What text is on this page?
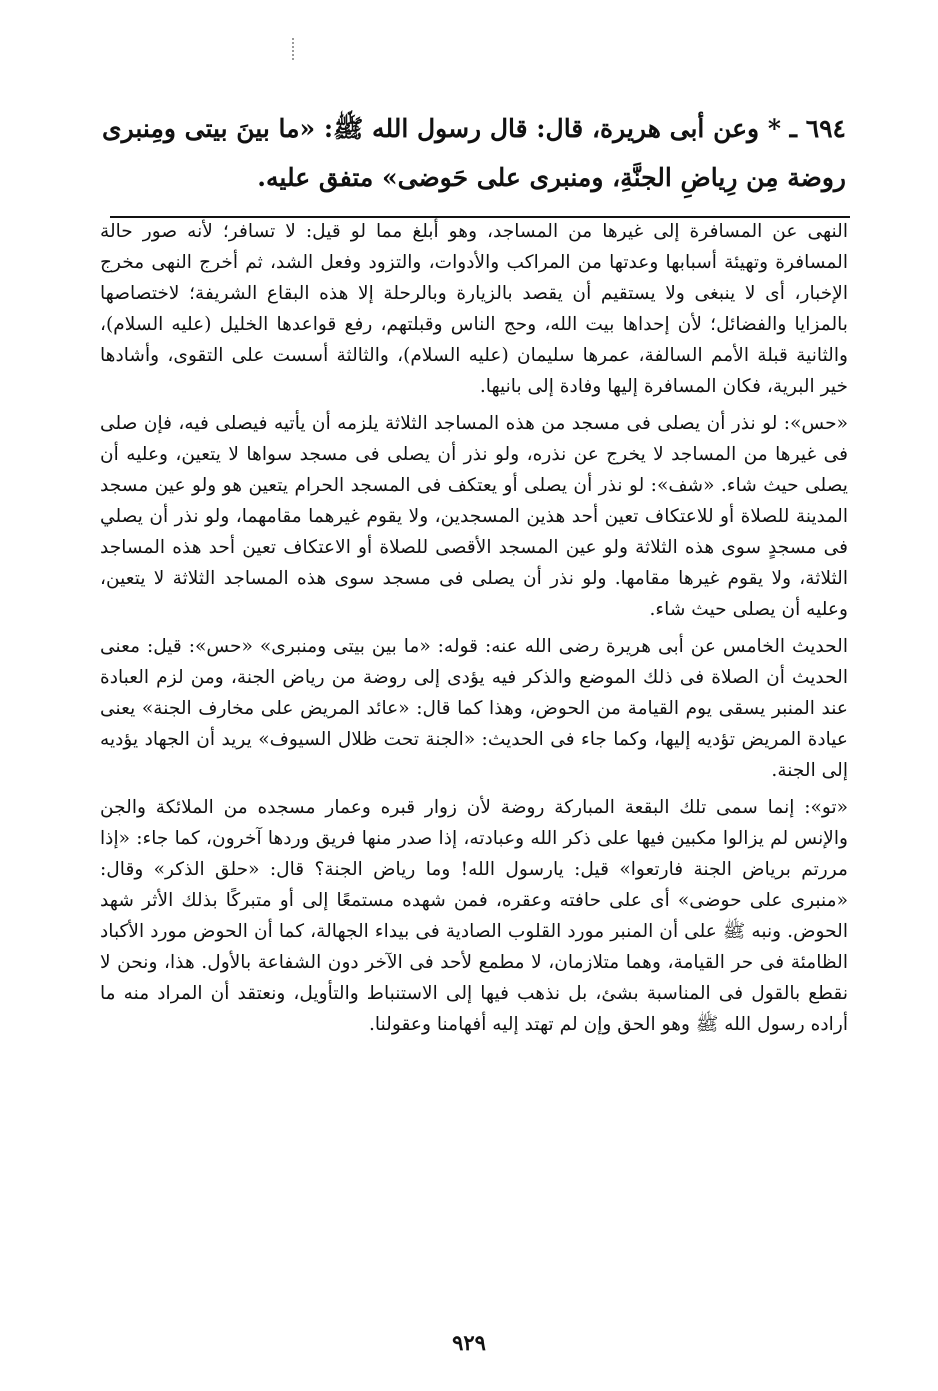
٦٩٤ ـ * وعن أبى هريرة، قال: قال رسول الله ﷺ: «ما بينَ بيتى ومِنبرى روضة مِن رِياضِ الجنَّةِ، ومنبرى على حَوضى» متفق عليه.

النهى عن المسافرة إلى غيرها من المساجد، وهو أبلغ مما لو قيل: لا تسافر؛ لأنه صور حالة المسافرة وتهيئة أسبابها وعدتها من المراكب والأدوات، والتزود وفعل الشد، ثم أخرج النهى مخرج الإخبار، أى لا ينبغى ولا يستقيم أن يقصد بالزيارة وبالرحلة إلا هذه البقاع الشريفة؛ لاختصاصها بالمزايا والفضائل؛ لأن إحداها بيت الله، وحج الناس وقبلتهم، رفع قواعدها الخليل (عليه السلام)، والثانية قبلة الأمم السالفة، عمرها سليمان (عليه السلام)، والثالثة أسست على التقوى، وأشادها خير البرية، فكان المسافرة إليها وفادة إلى بانيها.

«حس»: لو نذر أن يصلى فى مسجد من هذه المساجد الثلاثة يلزمه أن يأتيه فيصلى فيه، فإن صلى فى غيرها من المساجد لا يخرج عن نذره، ولو نذر أن يصلى فى مسجد سواها لا يتعين، وعليه أن يصلى حيث شاء. «شف»: لو نذر أن يصلى أو يعتكف فى المسجد الحرام يتعين هو ولو عين مسجد المدينة للصلاة أو للاعتكاف تعين أحد هذين المسجدين، ولا يقوم غيرهما مقامهما، ولو نذر أن يصلي فى مسجدٍ سوى هذه الثلاثة ولو عين المسجد الأقصى للصلاة أو الاعتكاف تعين أحد هذه المساجد الثلاثة، ولا يقوم غيرها مقامها. ولو نذر أن يصلى فى مسجد سوى هذه المساجد الثلاثة لا يتعين، وعليه أن يصلى حيث شاء.

الحديث الخامس عن أبى هريرة رضى الله عنه: قوله: «ما بين بيتى ومنبرى» «حس»: قيل: معنى الحديث أن الصلاة فى ذلك الموضع والذكر فيه يؤدى إلى روضة من رياض الجنة، ومن لزم العبادة عند المنبر يسقى يوم القيامة من الحوض، وهذا كما قال: «عائد المريض على مخارف الجنة» يعنى عيادة المريض تؤديه إليها، وكما جاء فى الحديث: «الجنة تحت ظلال السيوف» يريد أن الجهاد يؤديه إلى الجنة.

«تو»: إنما سمى تلك البقعة المباركة روضة لأن زوار قبره وعمار مسجده من الملائكة والجن والإنس لم يزالوا مكبين فيها على ذكر الله وعبادته، إذا صدر منها فريق وردها آخرون، كما جاء: «إذا مررتم برياض الجنة فارتعوا» قيل: يارسول الله! وما رياض الجنة؟ قال: «حلق الذكر» وقال: «منبرى على حوضى» أى على حافته وعقره، فمن شهده مستمعًا إلى أو متبركًا بذلك الأثر شهد الحوض. ونبه ﷺ على أن المنبر مورد القلوب الصادية فى بيداء الجهالة، كما أن الحوض مورد الأكباد الظامئة فى حر القيامة، وهما متلازمان، لا مطمع لأحد فى الآخر دون الشفاعة بالأول. هذا، ونحن لا نقطع بالقول فى المناسبة بشئ، بل نذهب فيها إلى الاستنباط والتأويل، ونعتقد أن المراد منه ما أراده رسول الله ﷺ وهو الحق وإن لم تهتد إليه أفهامنا وعقولنا.

٩٢٩
